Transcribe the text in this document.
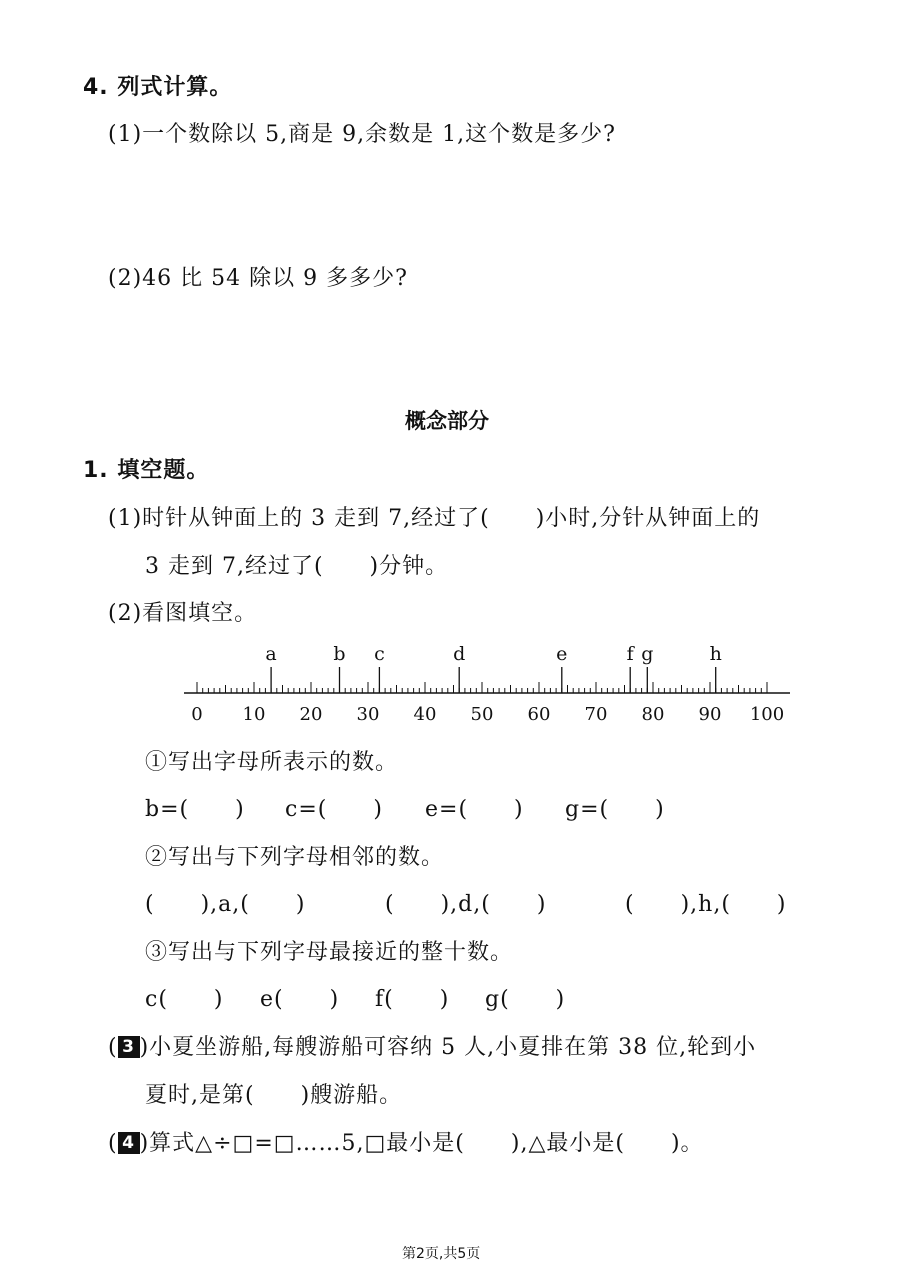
4. 列式计算。
(1)一个数除以 5,商是 9,余数是 1,这个数是多少?
(2)46 比 54 除以 9 多多少?
概念部分
1. 填空题。
(1)时针从钟面上的 3 走到 7,经过了(　　)小时,分针从钟面上的
3 走到 7,经过了(　　)分钟。
(2)看图填空。
0 10 20 30 40 50 60 70 80 90 100
a	b c	d	e	f g	h
①写出字母所表示的数。
b=(　　) c=(　　) e=(　　) g=(　　)
②写出与下列字母相邻的数。
(　　),a,(　　)	(　　),d,(　　)	(　　),h,(　　)
③写出与下列字母最接近的整十数。
c(　　) e(　　) f(　　) g(　　)
( 3 )小夏坐游船,每艘游船可容纳 5 人,小夏排在第 38 位,轮到小
夏时,是第(　　)艘游船。
( 4 )算式△÷□=□……5,□最小是(　　),△最小是(　　)。
第2页,共5页
